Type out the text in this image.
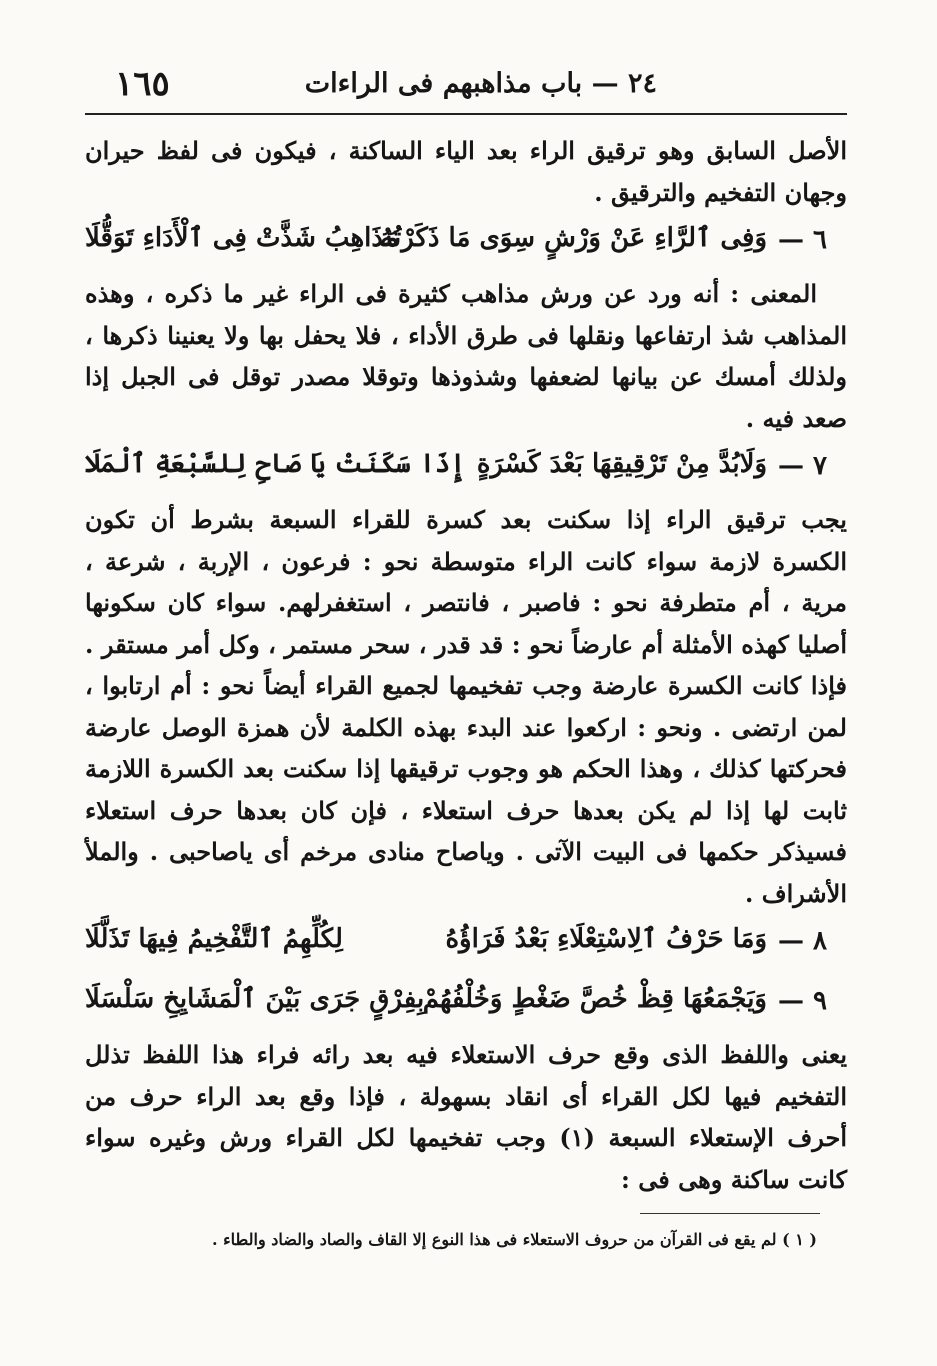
٢٤ — باب مذاهبهم فى الراءات
١٦٥

الأصل السابق وهو ترقيق الراء بعد الياء الساكنة ، فيكون فى لفظ حيران وجهان التفخيم والترقيق .

٦ —
وَفِى ٱلرَّاءِ عَنْ وَرْشٍ سِوَى مَا ذَكَرْتُهُ
مَذَاهِبُ شَذَّتْ فِى ٱلْأَدَاءِ تَوَقُّلَا

المعنى : أنه ورد عن ورش مذاهب كثيرة فى الراء غير ما ذكره ، وهذه المذاهب شذ ارتفاعها ونقلها فى طرق الأداء ، فلا يحفل بها ولا يعنينا ذكرها ، ولذلك أمسك عن بيانها لضعفها وشذوذها وتوقلا مصدر توقل فى الجبل إذا صعد فيه .

٧ —
وَلَابُدَّ مِنْ تَرْقِيقِهَا بَعْدَ كَسْرَةٍ
إِذَا سَكَنَتْ يَا صَاحِ لِلسَّبْعَةِ ٱلْمَلَا

يجب ترقيق الراء إذا سكنت بعد كسرة للقراء السبعة بشرط أن تكون الكسرة لازمة سواء كانت الراء متوسطة نحو : فرعون ، الإربة ، شرعة ، مرية ، أم متطرفة نحو : فاصبر ، فانتصر ، استغفرلهم. سواء كان سكونها أصليا كهذه الأمثلة أم عارضاً نحو : قد قدر ، سحر مستمر ، وكل أمر مستقر . فإذا كانت الكسرة عارضة وجب تفخيمها لجميع القراء أيضاً نحو : أم ارتابوا ، لمن ارتضى . ونحو : اركعوا عند البدء بهذه الكلمة لأن همزة الوصل عارضة فحركتها كذلك ، وهذا الحكم هو وجوب ترقيقها إذا سكنت بعد الكسرة اللازمة ثابت لها إذا لم يكن بعدها حرف استعلاء ، فإن كان بعدها حرف استعلاء فسيذكر حكمها فى البيت الآتى . وياصاح منادى مرخم أى ياصاحبى . والملأ الأشراف .

٨ —
وَمَا حَرْفُ ٱلِاسْتِعْلَاءِ بَعْدُ فَرَاؤُهُ
لِكُلِّهِمُ ٱلتَّفْخِيمُ فِيهَا تَذَلَّلَا
٩ —
وَيَجْمَعُهَا قِظْ خُصَّ ضَغْطٍ وَخُلْفُهُمْ
بِفِرْقٍ جَرَى بَيْنَ ٱلْمَشَايِخِ سَلْسَلَا

يعنى واللفظ الذى وقع حرف الاستعلاء فيه بعد رائه فراء هذا اللفظ تذلل التفخيم فيها لكل القراء أى انقاد بسهولة ، فإذا وقع بعد الراء حرف من أحرف الإستعلاء السبعة (١) وجب تفخيمها لكل القراء ورش وغيره سواء كانت ساكنة وهى فى :

( ١ ) لم يقع فى القرآن من حروف الاستعلاء فى هذا النوع إلا القاف والصاد والضاد والطاء .
